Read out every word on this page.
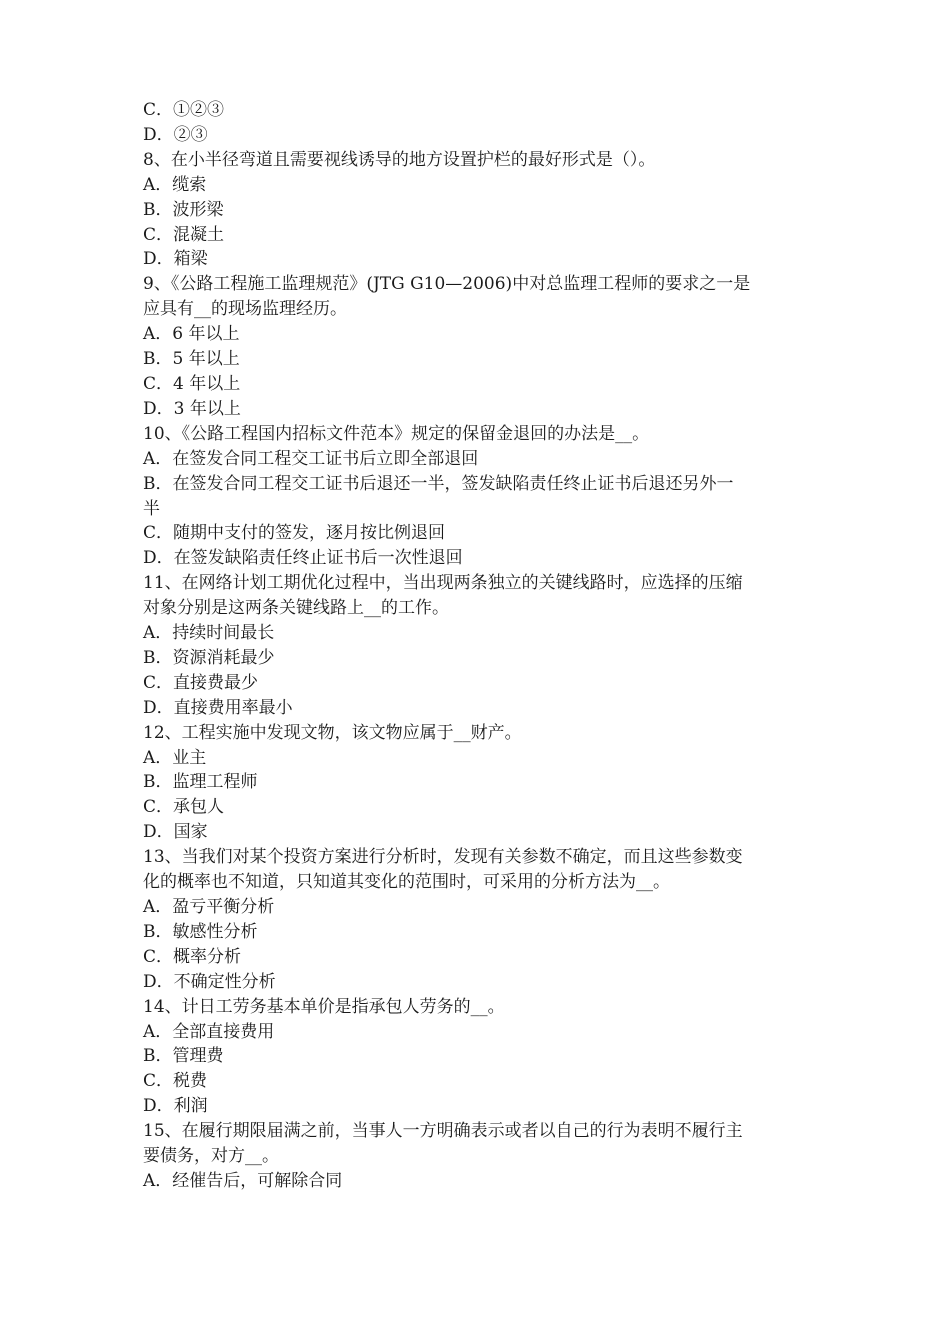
C．①②③
D．②③
8、在小半径弯道且需要视线诱导的地方设置护栏的最好形式是（）。
A．缆索
B．波形梁
C．混凝土
D．箱梁
9、《公路工程施工监理规范》(JTG G10—2006)中对总监理工程师的要求之一是
应具有__的现场监理经历。
A．6 年以上
B．5 年以上
C．4 年以上
D．3 年以上
10、《公路工程国内招标文件范本》规定的保留金退回的办法是__。
A．在签发合同工程交工证书后立即全部退回
B．在签发合同工程交工证书后退还一半，签发缺陷责任终止证书后退还另外一
半
C．随期中支付的签发，逐月按比例退回
D．在签发缺陷责任终止证书后一次性退回
11、在网络计划工期优化过程中，当出现两条独立的关键线路时，应选择的压缩
对象分别是这两条关键线路上__的工作。
A．持续时间最长
B．资源消耗最少
C．直接费最少
D．直接费用率最小
12、工程实施中发现文物，该文物应属于__财产。
A．业主
B．监理工程师
C．承包人
D．国家
13、当我们对某个投资方案进行分析时，发现有关参数不确定，而且这些参数变
化的概率也不知道，只知道其变化的范围时，可采用的分析方法为__。
A．盈亏平衡分析
B．敏感性分析
C．概率分析
D．不确定性分析
14、计日工劳务基本单价是指承包人劳务的__。
A．全部直接费用
B．管理费
C．税费
D．利润
15、在履行期限届满之前，当事人一方明确表示或者以自己的行为表明不履行主
要债务，对方__。
A．经催告后，可解除合同
